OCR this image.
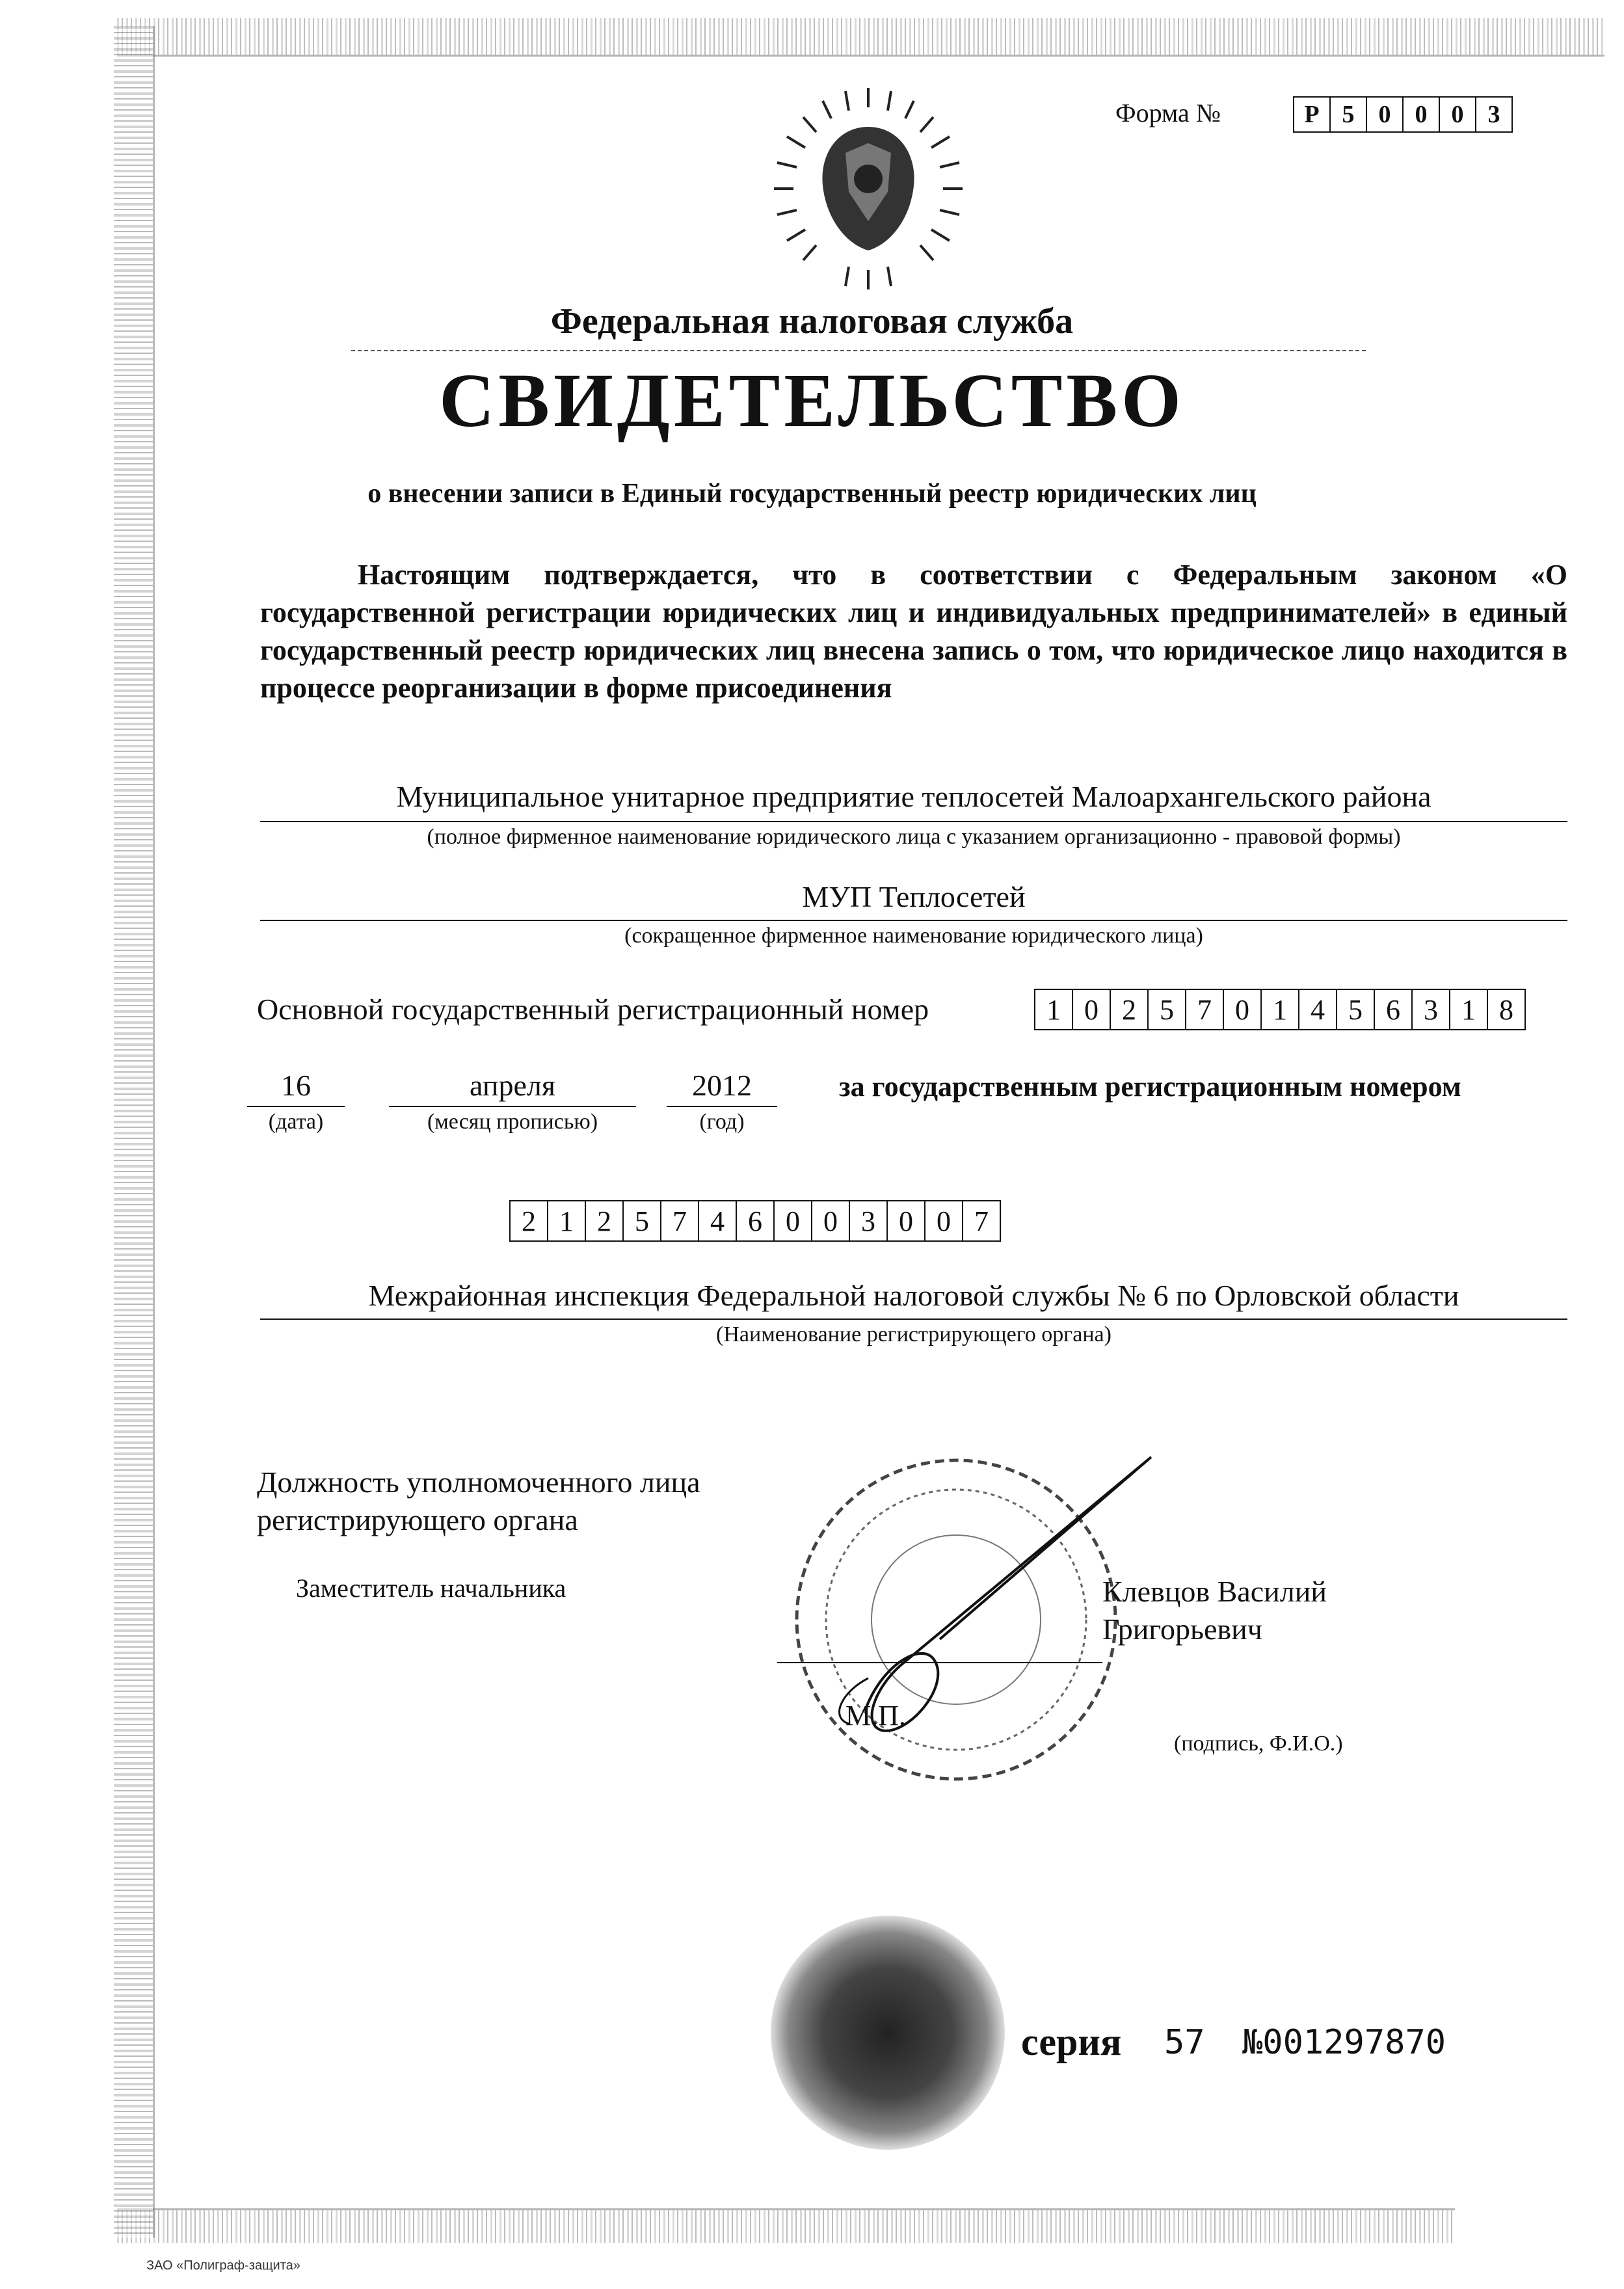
Форма №	Р 5 0 0 0 3
Федеральная налоговая служба
СВИДЕТЕЛЬСТВО
о внесении записи в Единый государственный реестр юридических лиц
Настоящим подтверждается, что в соответствии с Федеральным законом «О государственной регистрации юридических лиц и индивидуальных предпринимателей» в единый государственный реестр юридических лиц внесена запись о том, что юридическое лицо находится в процессе реорганизации в форме присоединения
Муниципальное унитарное предприятие теплосетей Малоархангельского района
(полное фирменное наименование юридического лица с указанием организационно - правовой формы)
МУП Теплосетей
(сокращенное фирменное наименование юридического лица)
Основной государственный регистрационный номер	1 0 2 5 7 0 1 4 5 6 3 1 8
16
(дата)
апреля
(месяц прописью)
2012
(год)
за государственным регистрационным номером
2 1 2 5 7 4 6 0 0 3 0 0 7
Межрайонная инспекция Федеральной налоговой службы № 6 по Орловской области
(Наименование регистрирующего органа)
Должность уполномоченного лица регистрирующего органа
Заместитель начальника	Клевцов Василий Григорьевич
М.П.
(подпись, Ф.И.О.)
серия 57 №001297870
ЗАО «Полиграф-защита»
